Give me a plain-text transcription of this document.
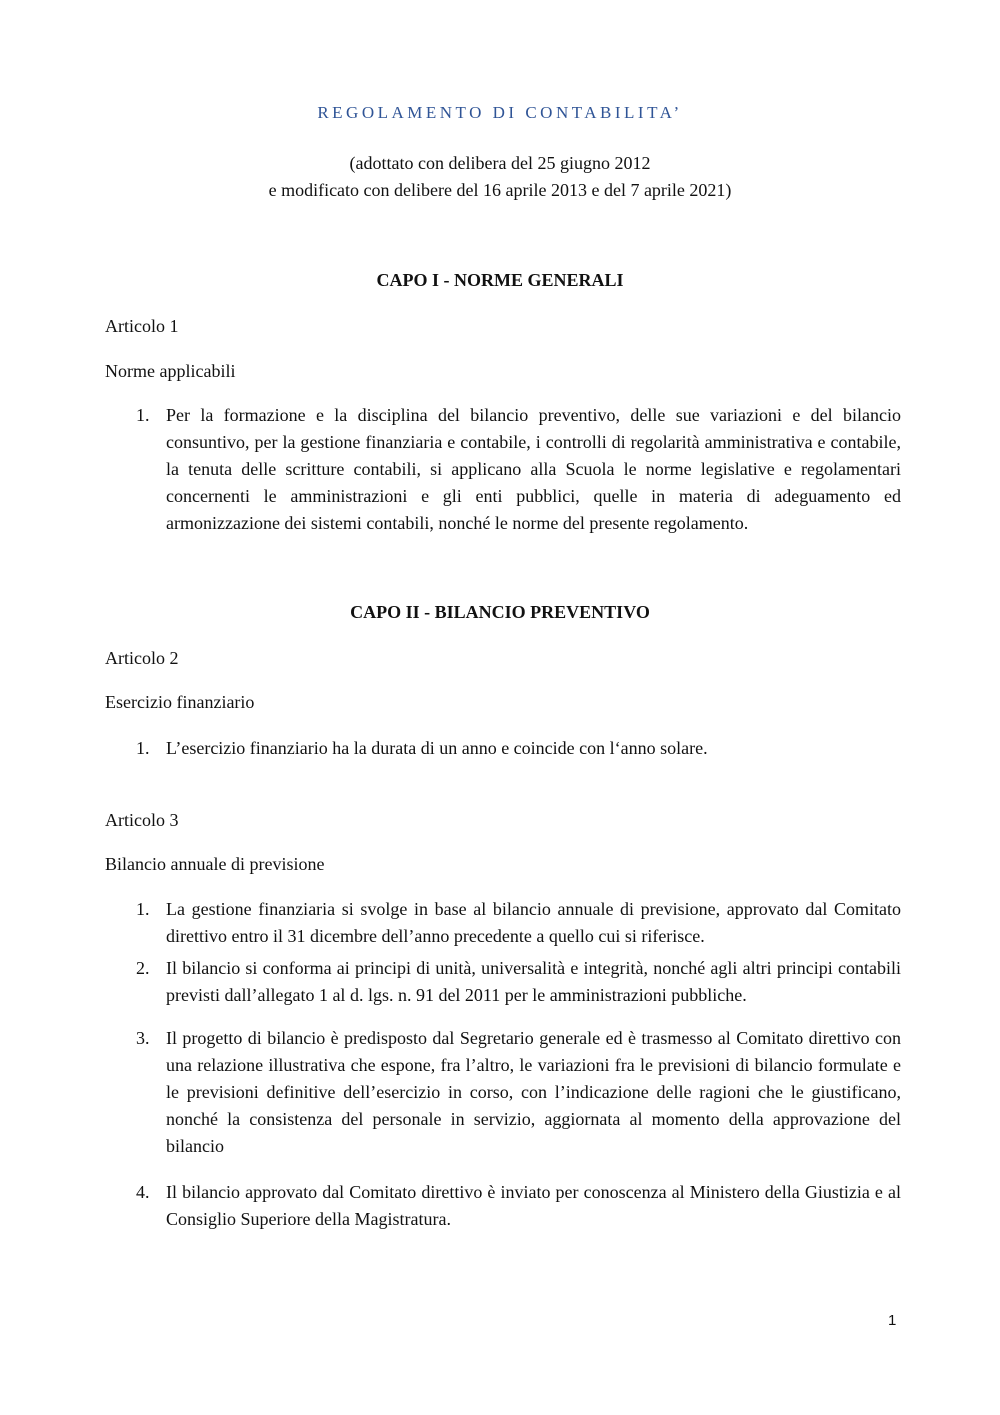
REGOLAMENTO DI CONTABILITA’

(adottato con delibera del 25 giugno 2012
e modificato con delibere del 16 aprile 2013 e del 7 aprile 2021)

CAPO I - NORME GENERALI

Articolo 1

Norme applicabili

1. Per la formazione e la disciplina del bilancio preventivo, delle sue variazioni e del bilancio consuntivo, per la gestione finanziaria e contabile, i controlli di regolarità amministrativa e contabile, la tenuta delle scritture contabili, si applicano alla Scuola le norme legislative e regolamentari concernenti le amministrazioni e gli enti pubblici, quelle in materia di adeguamento ed armonizzazione dei sistemi contabili, nonché le norme del presente regolamento.
CAPO II - BILANCIO PREVENTIVO

Articolo 2

Esercizio finanziario

1. L’esercizio finanziario ha la durata di un anno e coincide con l‘anno solare.

Articolo 3

Bilancio annuale di previsione

1. La gestione finanziaria si svolge in base al bilancio annuale di previsione, approvato dal Comitato direttivo entro il 31 dicembre dell’anno precedente a quello cui si riferisce.
2. Il bilancio si conforma ai principi di unità, universalità e integrità, nonché agli altri principi contabili previsti dall’allegato 1 al d. lgs. n. 91 del 2011 per le amministrazioni pubbliche.
3. Il progetto di bilancio è predisposto dal Segretario generale ed è trasmesso al Comitato direttivo con una relazione illustrativa che espone, fra l’altro, le variazioni fra le previsioni di bilancio formulate e le previsioni definitive dell’esercizio in corso, con l’indicazione delle ragioni che le giustificano, nonché la consistenza del personale in servizio, aggiornata al momento della approvazione del bilancio
4. Il bilancio approvato dal Comitato direttivo è inviato per conoscenza al Ministero della Giustizia e al Consiglio Superiore della Magistratura.

1
